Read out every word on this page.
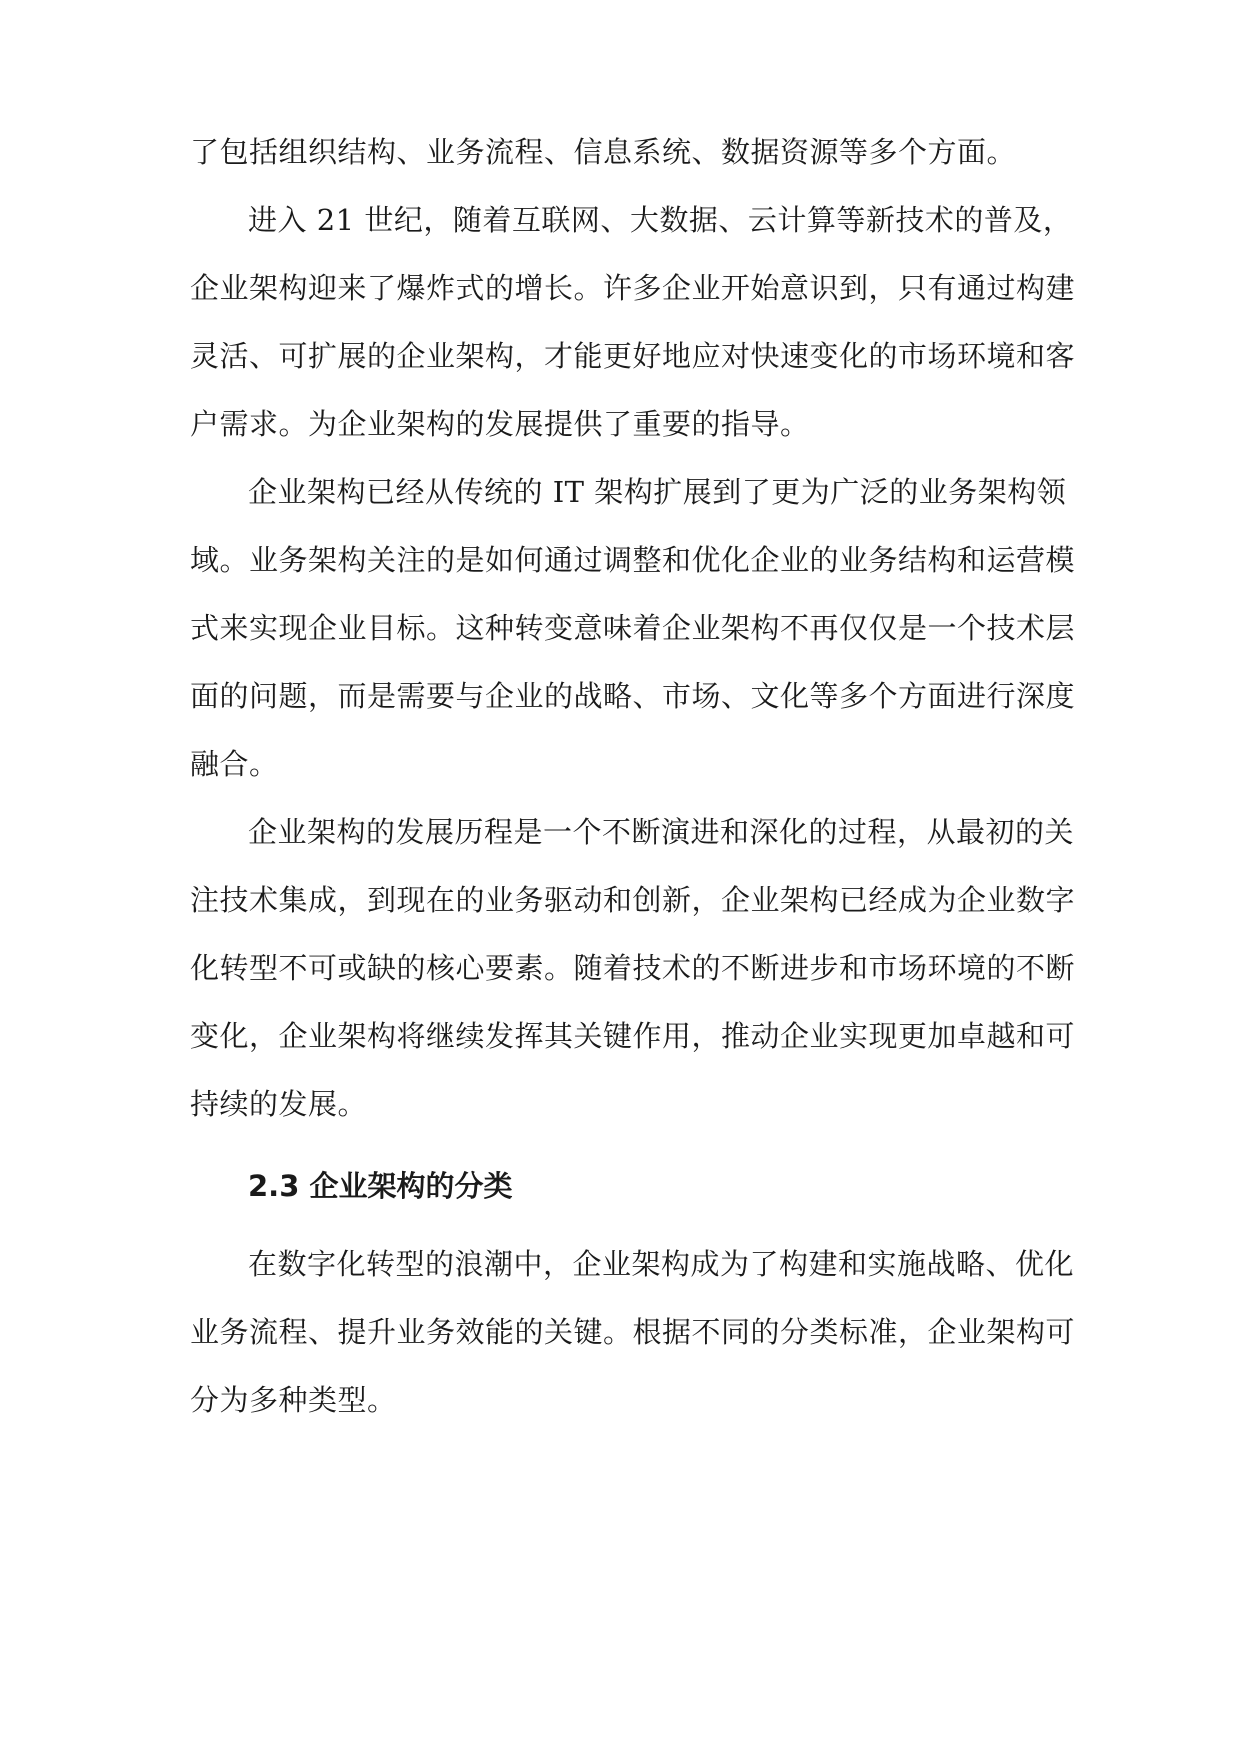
了包括组织结构、业务流程、信息系统、数据资源等多个方面。
进入 21 世纪，随着互联网、大数据、云计算等新技术的普及，
企业架构迎来了爆炸式的增长。许多企业开始意识到，只有通过构建
灵活、可扩展的企业架构，才能更好地应对快速变化的市场环境和客
户需求。为企业架构的发展提供了重要的指导。
企业架构已经从传统的 IT 架构扩展到了更为广泛的业务架构领
域。业务架构关注的是如何通过调整和优化企业的业务结构和运营模
式来实现企业目标。这种转变意味着企业架构不再仅仅是一个技术层
面的问题，而是需要与企业的战略、市场、文化等多个方面进行深度
融合。
企业架构的发展历程是一个不断演进和深化的过程，从最初的关
注技术集成，到现在的业务驱动和创新，企业架构已经成为企业数字
化转型不可或缺的核心要素。随着技术的不断进步和市场环境的不断
变化，企业架构将继续发挥其关键作用，推动企业实现更加卓越和可
持续的发展。
2.3 企业架构的分类
在数字化转型的浪潮中，企业架构成为了构建和实施战略、优化
业务流程、提升业务效能的关键。根据不同的分类标准，企业架构可
分为多种类型。
